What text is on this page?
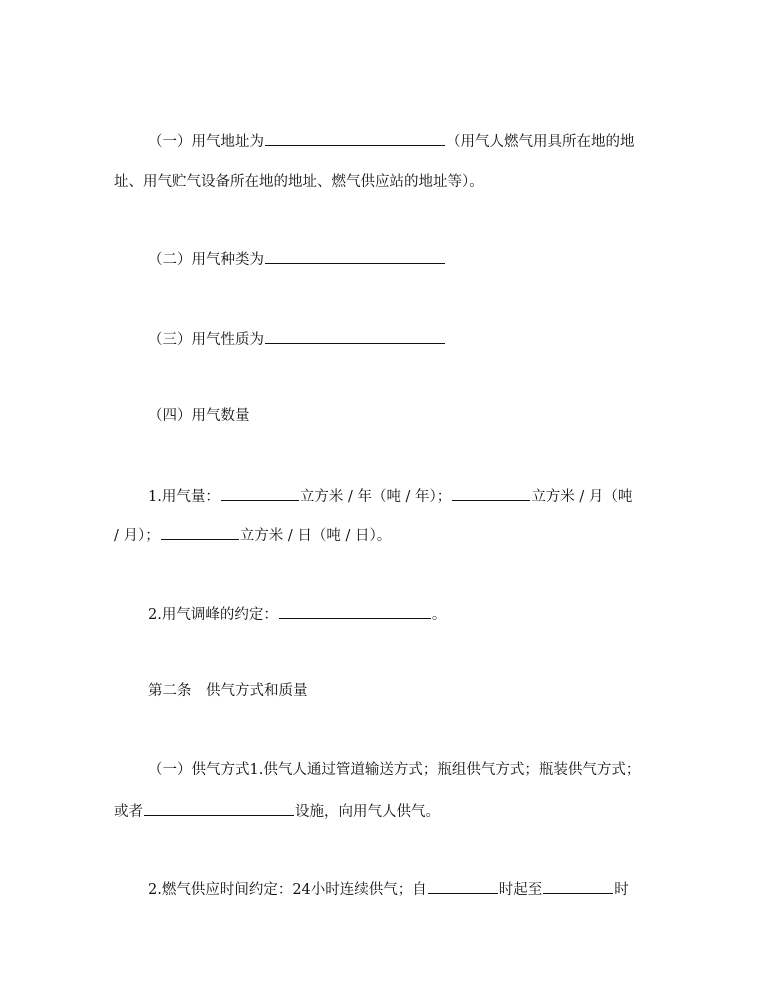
（一）用气地址为	（用气人燃气用具所在地的地
址、用气贮气设备所在地的地址、燃气供应站的地址等）。
（二）用气种类为
（三）用气性质为
（四）用气数量
1.用气量：	立方米 / 年（吨 / 年）；	立方米 / 月（吨
/ 月）；	立方米 / 日（吨 / 日）。
2.用气调峰的约定：	。
第二条　供气方式和质量
（一）供气方式1.供气人通过管道输送方式；瓶组供气方式；瓶装供气方式；
或者	设施，向用气人供气。
2.燃气供应时间约定：24小时连续供气；自	时起至	时
